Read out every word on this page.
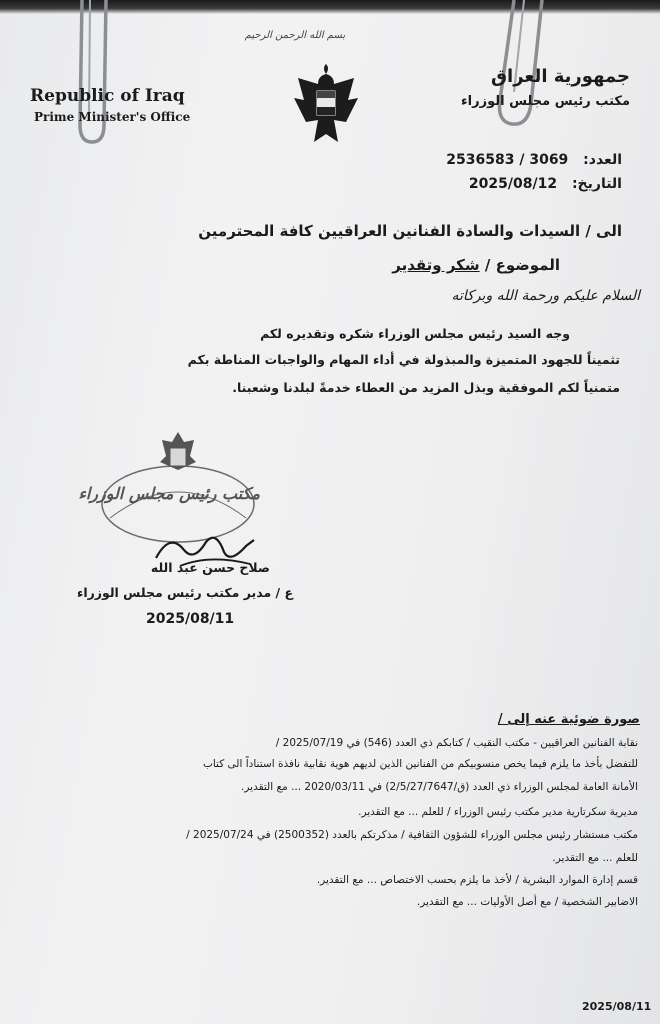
بسم الله الرحمن الرحيم
Republic of Iraq
Prime Minister's Office
جمهورية العراق
مكتب رئيس مجلس الوزراء
العدد: 2536583 / 3069
التاريخ: 2025/08/12
الى / السيدات والسادة الفنانين العراقيين كافة المحترمين
الموضوع / شكر وتقدير
السلام عليكم ورحمة الله وبركاته
وجه السيد رئيس مجلس الوزراء شكره وتقديره لكم
تثميناً للجهود المتميزة والمبذولة في أداء المهام والواجبات المناطة بكم
متمنياً لكم الموفقية وبذل المزيد من العطاء خدمةً لبلدنا وشعبنا.
مكتب رئيس مجلس الوزراء
صلاح حسن عبد الله
ع / مدير مكتب رئيس مجلس الوزراء
2025/08/11
صورة ضوئية عنه إلى /
نقابة الفنانين العراقيين - مكتب النقيب / كتابكم ذي العدد (546) في 2025/07/19 /
للتفضل بأخذ ما يلزم فيما يخص منسوبيكم من الفنانين الذين لديهم هوية نقابية نافذة استناداً الى كتاب
الأمانة العامة لمجلس الوزراء ذي العدد (ق/2/5/27/7647) في 2020/03/11 ... مع التقدير.
مديرية سكرتارية مدير مكتب رئيس الوزراء / للعلم ... مع التقدير.
مكتب مستشار رئيس مجلس الوزراء للشؤون الثقافية / مذكرتكم بالعدد (2500352) في 2025/07/24 /
للعلم ... مع التقدير.
قسم إدارة الموارد البشرية / لأخذ ما يلزم بحسب الاختصاص ... مع التقدير.
الاضابير الشخصية / مع أصل الأوليات ... مع التقدير.
2025/08/11
